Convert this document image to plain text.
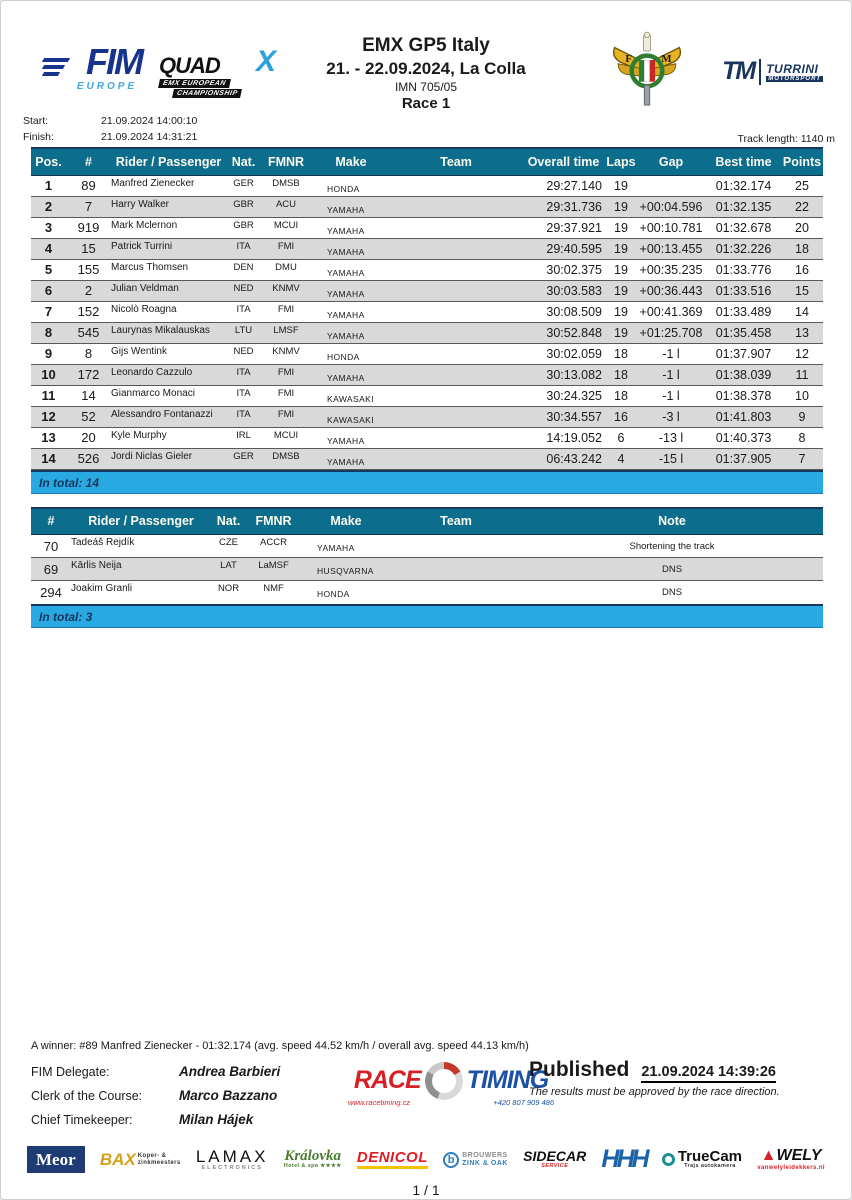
FIM
EUROPE
QUAD X
EMX EUROPEAN
CHAMPIONSHIP
EMX GP5 Italy
21. - 22.09.2024, La Colla
IMN 705/05
Race 1
F M TM TURRINI
MOTORSPORT
Start:	21.09.2024 14:00:10
Finish:	21.09.2024 14:31:21	Track length: 1140 m
Pos.	#	Rider / Passenger	Nat.	FMNR	Make	Team	Overall time	Laps	Gap	Best time	Points
1	89	Manfred Zienecker	GER	DMSB	HONDA		29:27.140	19		01:32.174	25
2	7	Harry Walker	GBR	ACU	YAMAHA		29:31.736	19	+00:04.596	01:32.135	22
3	919	Mark Mclernon	GBR	MCUI	YAMAHA		29:37.921	19	+00:10.781	01:32.678	20
4	15	Patrick Turrini	ITA	FMI	YAMAHA		29:40.595	19	+00:13.455	01:32.226	18
5	155	Marcus Thomsen	DEN	DMU	YAMAHA		30:02.375	19	+00:35.235	01:33.776	16
6	2	Julian Veldman	NED	KNMV	YAMAHA		30:03.583	19	+00:36.443	01:33.516	15
7	152	Nicolò Roagna	ITA	FMI	YAMAHA		30:08.509	19	+00:41.369	01:33.489	14
8	545	Laurynas Mikalauskas	LTU	LMSF	YAMAHA		30:52.848	19	+01:25.708	01:35.458	13
9	8	Gijs Wentink	NED	KNMV	HONDA		30:02.059	18	-1 l	01:37.907	12
10	172	Leonardo Cazzulo	ITA	FMI	YAMAHA		30:13.082	18	-1 l	01:38.039	11
11	14	Gianmarco Monaci	ITA	FMI	KAWASAKI		30:24.325	18	-1 l	01:38.378	10
12	52	Alessandro Fontanazzi	ITA	FMI	KAWASAKI		30:34.557	16	-3 l	01:41.803	9
13	20	Kyle Murphy	IRL	MCUI	YAMAHA		14:19.052	6	-13 l	01:40.373	8
14	526	Jordi Niclas Gieler	GER	DMSB	YAMAHA		06:43.242	4	-15 l	01:37.905	7
In total: 14
#	Rider / Passenger	Nat.	FMNR	Make	Team	Note
70	Tadeáš Rejdík	CZE	ACCR	YAMAHA		Shortening the track
69	Kārlis Neija	LAT	LaMSF	HUSQVARNA		DNS
294	Joakim Granli	NOR	NMF	HONDA		DNS
In total: 3
A winner: #89 Manfred Zienecker - 01:32.174 (avg. speed 44.52 km/h / overall avg. speed 44.13 km/h)
FIM Delegate:	Andrea Barbieri
Clerk of the Course:	Marco Bazzano
Chief Timekeeper:	Milan Hájek
RACE TIMING
www.racetiming.cz	+420 807 909 486
Published 21.09.2024 14:39:26
The results must be approved by the race direction.
Meor	BAX Koper- &
zinkmeesters LAMAX
ELECTRONICS
Královka
Hotel & spa ★★★★
DENICOL	b	BROUWERS
ZINK & OAK SIDECAR
SERVICE	HHH TrueCam
Trajs autokamera
▲WELY
vanwelyleidekkers.nl
1 / 1
